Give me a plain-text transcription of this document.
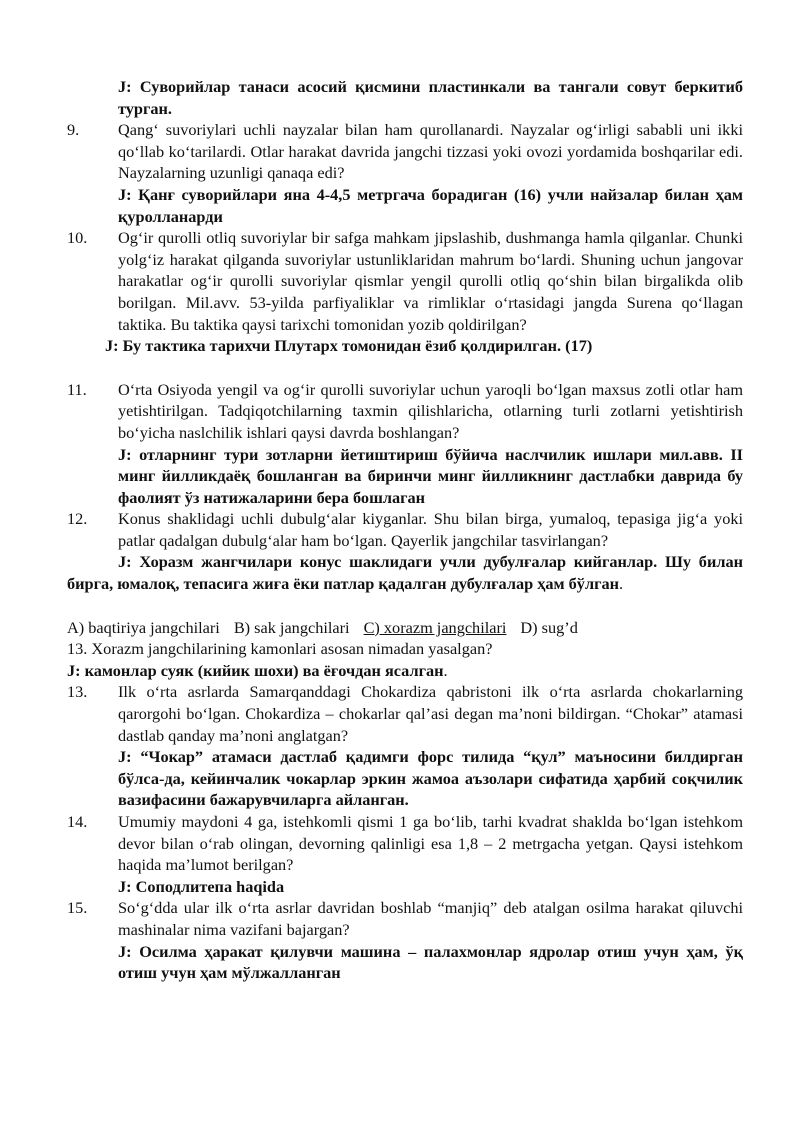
J: Суворийлар танаси асосий қисмини пластинкали ва тангали совут беркитиб турган.
9.	Qang‘ suvoriylari uchli nayzalar bilan ham qurollanardi. Nayzalar og‘irligi sababli uni ikki qo‘llab ko‘tarilardi. Otlar harakat davrida jangchi tizzasi yoki ovozi yordamida boshqarilar edi. Nayzalarning uzunligi qanaqa edi?
J: Қанғ суворийлари яна 4-4,5 метргача борадиган (16) учли найзалар билан ҳам қуролланарди
10.	Og‘ir qurolli otliq suvoriylar bir safga mahkam jipslashib, dushmanga hamla qilganlar. Chunki yolg‘iz harakat qilganda suvoriylar ustunliklaridan mahrum bo‘lardi. Shuning uchun jangovar harakatlar og‘ir qurolli suvoriylar qismlar yengil qurolli otliq qo‘shin bilan birgalikda olib borilgan. Mil.avv. 53-yilda parfiyaliklar va rimliklar o‘rtasidagi jangda Surena qo‘llagan taktika. Bu taktika qaysi tarixchi tomonidan yozib qoldirilgan?
J: Бу тактика тарихчи Плутарх томонидан ёзиб қолдирилган. (17)
11.	O‘rta Osiyoda yengil va og‘ir qurolli suvoriylar uchun yaroqli bo‘lgan maxsus zotli otlar ham yetishtirilgan. Tadqiqotchilarning taxmin qilishlaricha, otlarning turli zotlarni yetishtirish bo‘yicha naslchilik ishlari qaysi davrda boshlangan?
J: отларнинг тури зотларни йетиштириш бўйича наслчилик ишлари мил.авв. II минг йилликдаёқ бошланган ва биринчи минг йилликнинг дастлабки даврида бу фаолият ўз натижаларини бера бошлаган
12.	Konus shaklidagi uchli dubulg‘alar kiyganlar. Shu bilan birga, yumaloq, tepasiga jig‘a yoki patlar qadalgan dubulg‘alar ham bo‘lgan. Qayerlik jangchilar tasvirlangan?
J: Хоразм жангчилари конус шаклидаги учли дубулғалар кийганлар. Шу билан бирга, юмалоқ, тепасига жиға ёки патлар қадалган дубулғалар ҳам бўлган.
A) baqtiriya jangchilari B) sak jangchilari C) xorazm jangchilari D) sug’d
13. Xorazm jangchilarining kamonlari asosan nimadan yasalgan?
J: камонлар суяк (кийик шохи) ва ёғочдан ясалган.
13.	Ilk o‘rta asrlarda Samarqanddagi Chokardiza qabristoni ilk o‘rta asrlarda chokarlarning qarorgohi bo‘lgan. Chokardiza – chokarlar qal’asi degan ma’noni bildirgan. “Chokar” atamasi dastlab qanday ma’noni anglatgan?
J: “Чокар” атамаси дастлаб қадимги форс тилида “қул” маъносини билдирган бўлса-да, кейинчалик чокарлар эркин жамоа аъзолари сифатида ҳарбий соқчилик вазифасини бажарувчиларга айланган.
14.	Umumiy maydoni 4 ga, istehkomli qismi 1 ga bo‘lib, tarhi kvadrat shaklda bo‘lgan istehkom devor bilan o‘rab olingan, devorning qalinligi esa 1,8 – 2 metrgacha yetgan. Qaysi istehkom haqida ma’lumot berilgan?
J: Соподлитепа haqida
15.	So‘g‘dda ular ilk o‘rta asrlar davridan boshlab “manjiq” deb atalgan osilma harakat qiluvchi mashinalar nima vazifani bajargan?
J: Осилма ҳаракат қилувчи машина – палахмонлар ядролар отиш учун ҳам, ўқ отиш учун ҳам мўлжалланган
